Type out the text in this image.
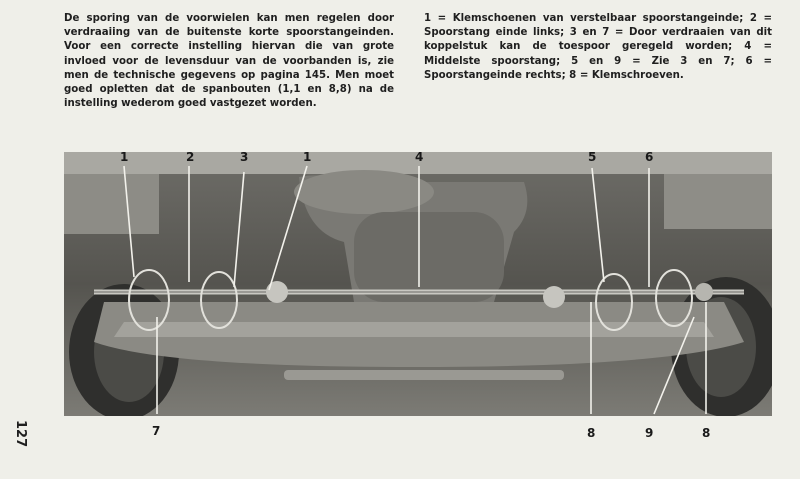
De sporing van de voorwielen kan men regelen door verdraaiing van de buitenste korte spoorstangeinden. Voor een correcte instelling hiervan die van grote invloed voor de levensduur van de voorbanden is, zie men de technische gegevens op pagina 145. Men moet goed opletten dat de spanbouten (1,1 en 8,8) na de instelling wederom goed vastgezet worden.
1 = Klemschoenen van verstelbaar spoorstangeinde; 2 = Spoorstang einde links; 3 en 7 = Door verdraaien van dit koppelstuk kan de toespoor geregeld worden; 4 = Middelste spoorstang; 5 en 9 = Zie 3 en 7; 6 = Spoorstangeinde rechts; 8 = Klemschroeven.
1	2	3	1	4	5	6
7	8	9	8
127
